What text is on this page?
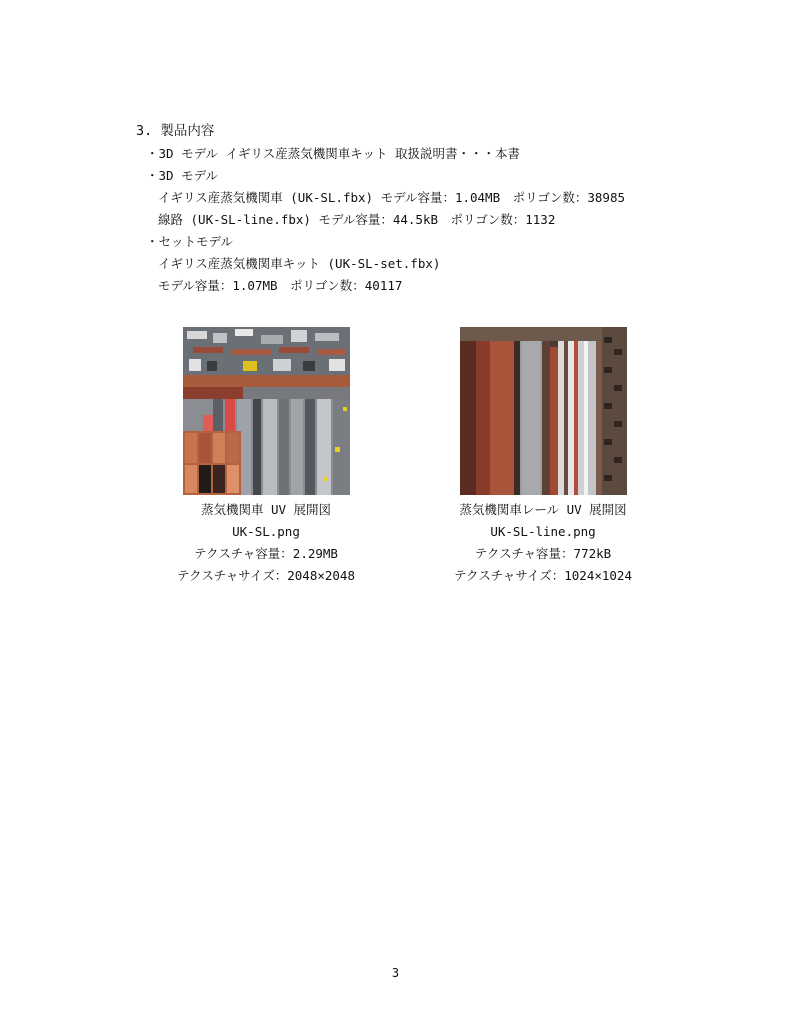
3. 製品内容
・3D モデル イギリス産蒸気機関車キット 取扱説明書・・・本書
・3D モデル
イギリス産蒸気機関車 (UK-SL.fbx) モデル容量：1.04MB　ポリゴン数：38985
線路 (UK-SL-line.fbx) モデル容量：44.5kB　ポリゴン数：1132
・セットモデル
イギリス産蒸気機関車キット (UK-SL-set.fbx)
モデル容量：1.07MB　ポリゴン数：40117
蒸気機関車 UV 展開図
UK-SL.png
テクスチャ容量：2.29MB
テクスチャサイズ：2048×2048
蒸気機関車レール UV 展開図
UK-SL-line.png
テクスチャ容量：772kB
テクスチャサイズ：1024×1024
3
